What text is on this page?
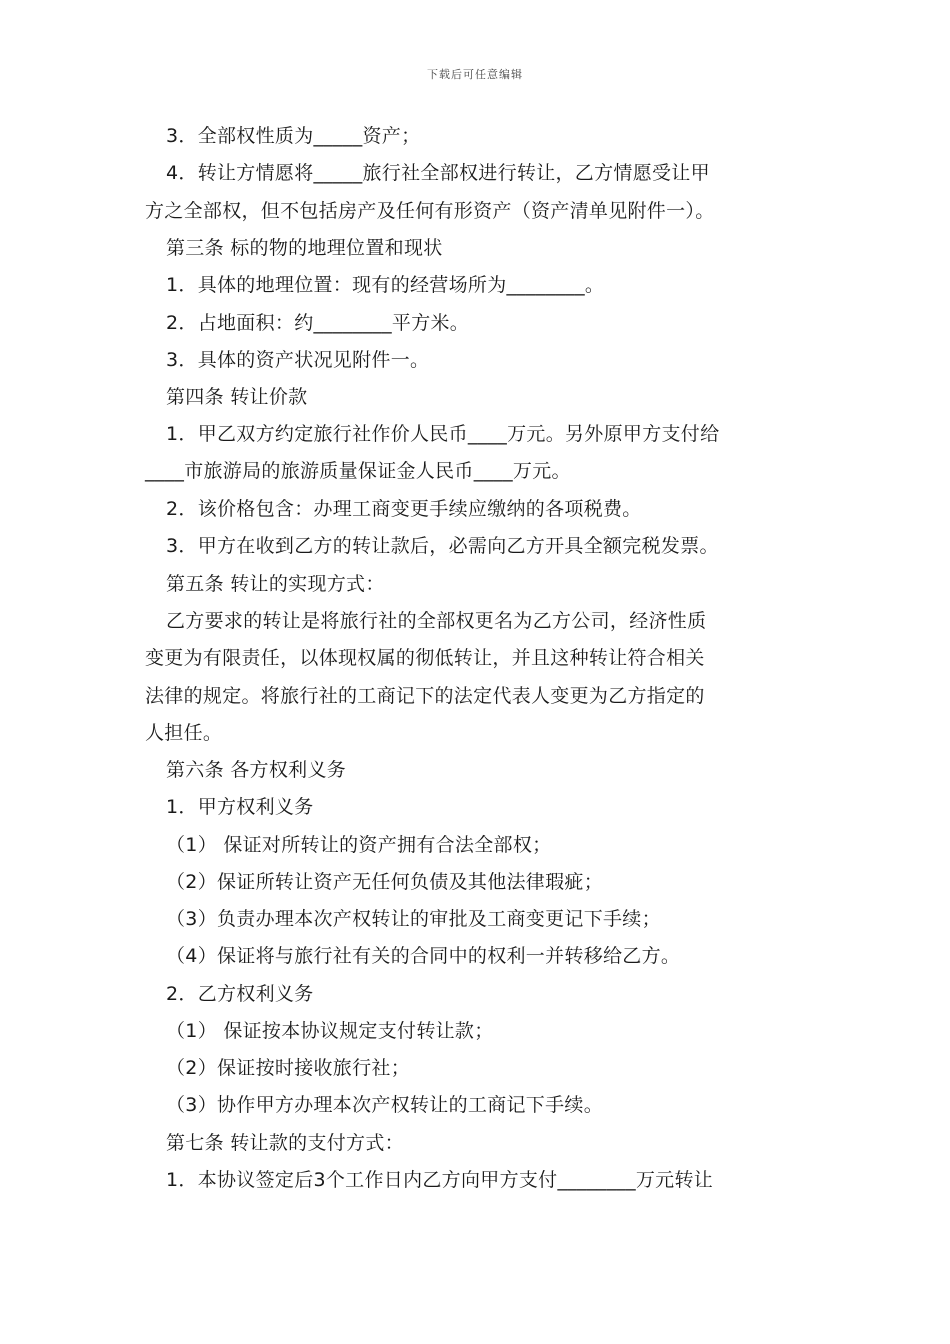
下载后可任意编辑
3．全部权性质为_____资产；
4．转让方情愿将_____旅行社全部权进行转让，乙方情愿受让甲
方之全部权，但不包括房产及任何有形资产（资产清单见附件一）。
第三条 标的物的地理位置和现状
1．具体的地理位置：现有的经营场所为________。
2．占地面积：约________平方米。
3．具体的资产状况见附件一。
第四条 转让价款
1．甲乙双方约定旅行社作价人民币____万元。另外原甲方支付给
____市旅游局的旅游质量保证金人民币____万元。
2．该价格包含：办理工商变更手续应缴纳的各项税费。
3．甲方在收到乙方的转让款后，必需向乙方开具全额完税发票。
第五条 转让的实现方式：
乙方要求的转让是将旅行社的全部权更名为乙方公司，经济性质
变更为有限责任，以体现权属的彻低转让，并且这种转让符合相关
法律的规定。将旅行社的工商记下的法定代表人变更为乙方指定的
人担任。
第六条 各方权利义务
1．甲方权利义务
（1） 保证对所转让的资产拥有合法全部权；
（2）保证所转让资产无任何负债及其他法律瑕疵；
（3）负责办理本次产权转让的审批及工商变更记下手续；
（4）保证将与旅行社有关的合同中的权利一并转移给乙方。
2．乙方权利义务
（1） 保证按本协议规定支付转让款；
（2）保证按时接收旅行社；
（3）协作甲方办理本次产权转让的工商记下手续。
第七条 转让款的支付方式：
1．本协议签定后3个工作日内乙方向甲方支付________万元转让
